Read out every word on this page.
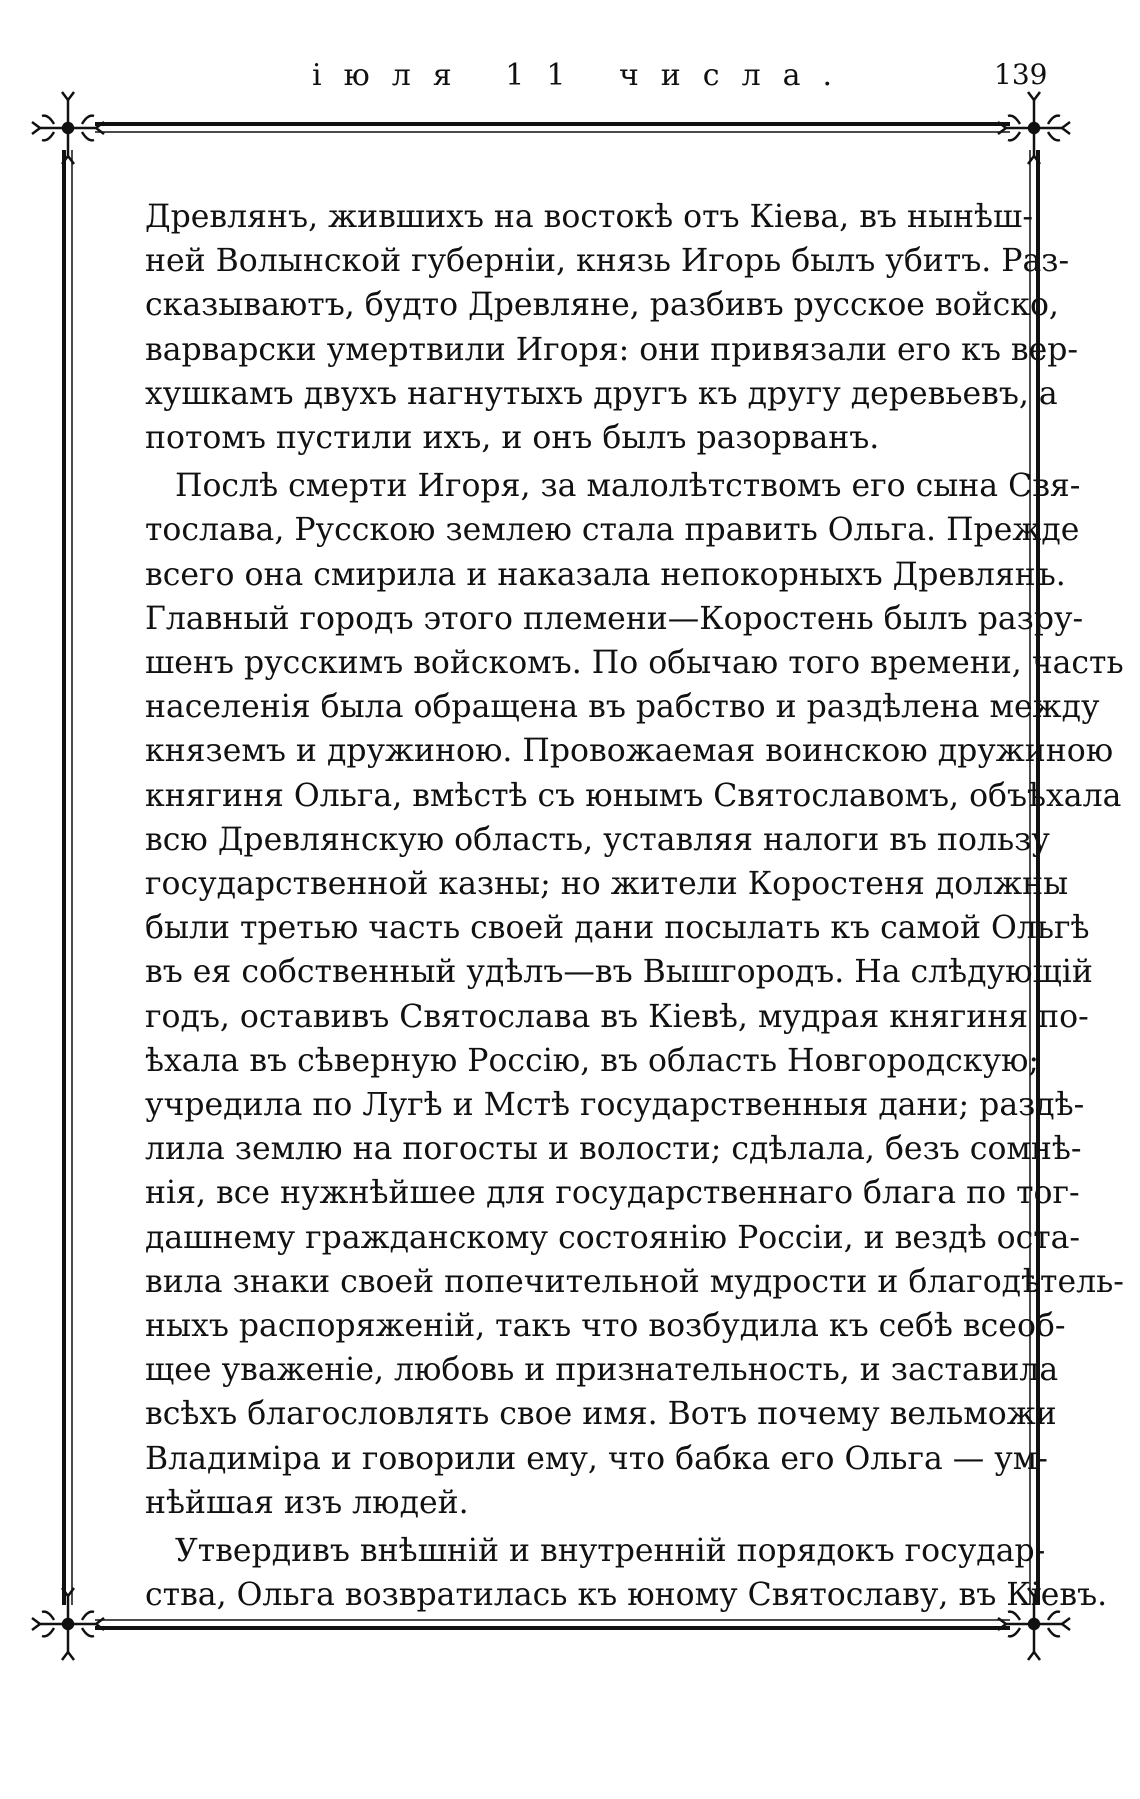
іюля 11 числа.	139

Древлянъ, жившихъ на востокѣ отъ Кіева, въ нынѣш-
ней Волынской губерніи, князь Игорь былъ убитъ. Раз-
сказываютъ, будто Древляне, разбивъ русское войско,
варварски умертвили Игоря: они привязали его къ вер-
хушкамъ двухъ нагнутыхъ другъ къ другу деревьевъ, а
потомъ пустили ихъ, и онъ былъ разорванъ.

Послѣ смерти Игоря, за малолѣтствомъ его сына Свя-
тослава, Русскою землею стала править Ольга. Прежде
всего она смирила и наказала непокорныхъ Древлянъ.
Главный городъ этого племени—Коростень былъ разру-
шенъ русскимъ войскомъ. По обычаю того времени, часть
населенія была обращена въ рабство и раздѣлена между
княземъ и дружиною. Провожаемая воинскою дружиною
княгиня Ольга, вмѣстѣ съ юнымъ Святославомъ, объѣхала
всю Древлянскую область, уставляя налоги въ пользу
государственной казны; но жители Коростеня должны
были третью часть своей дани посылать къ самой Ольгѣ
въ ея собственный удѣлъ—въ Вышгородъ. На слѣдующій
годъ, оставивъ Святослава въ Кіевѣ, мудрая княгиня по-
ѣхала въ сѣверную Россію, въ область Новгородскую;
учредила по Лугѣ и Мстѣ государственныя дани; раздѣ-
лила землю на погосты и волости; сдѣлала, безъ сомнѣ-
нія, все нужнѣйшее для государственнаго блага по тог-
дашнему гражданскому состоянію Россіи, и вездѣ оста-
вила знаки своей попечительной мудрости и благодѣтель-
ныхъ распоряженій, такъ что возбудила къ себѣ всеоб-
щее уваженіе, любовь и признательность, и заставила
всѣхъ благословлять свое имя. Вотъ почему вельможи
Владиміра и говорили ему, что бабка его Ольга — ум-
нѣйшая изъ людей.

Утвердивъ внѣшній и внутренній порядокъ государ-
ства, Ольга возвратилась къ юному Святославу, въ Кіевъ.
